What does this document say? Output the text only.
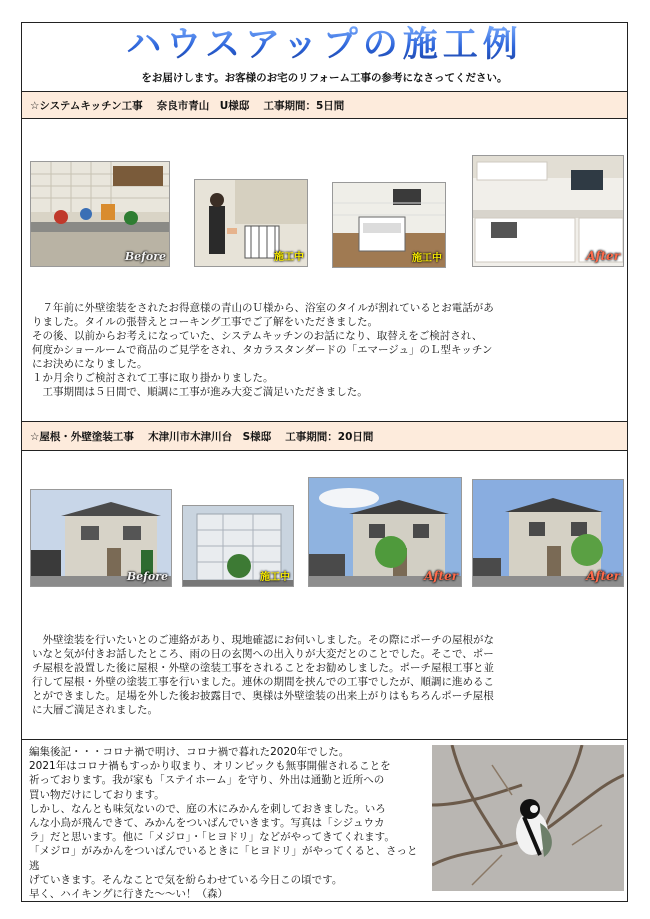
ハウスアップの施工例
をお届けします。お客様のお宅のリフォーム工事の参考になさってください。
☆システムキッチン工事　 奈良市青山　U様邸　 工事期間：5日間
Before	施工中	施工中	After

　７年前に外壁塗装をされたお得意様の青山のＵ様から、浴室のタイルが割れているとお電話があ

りました。タイルの張替えとコーキング工事でご了解をいただきました。

その後、以前からお考えになっていた、システムキッチンのお話になり、取替えをご検討され、

何度かショールームで商品のご見学をされ、タカラスタンダードの「エマージュ」のＬ型キッチン

にお決めになりました。

１か月余りご検討されて工事に取り掛かりました。

　工事期間は５日間で、順調に工事が進み大変ご満足いただきました。

☆屋根・外壁塗装工事　 木津川市木津川台　S様邸　 工事期間：20日間
Before	施工中	After	After

　外壁塗装を行いたいとのご連絡があり、現地確認にお伺いしました。その際にポーチの屋根がな

いなと気が付きお話したところ、雨の日の玄関への出入りが大変だとのことでした。そこで、ポー

チ屋根を設置した後に屋根・外壁の塗装工事をされることをお勧めしました。ポーチ屋根工事と並

行して屋根・外壁の塗装工事を行いました。連休の期間を挟んでの工事でしたが、順調に進めるこ

とができました。足場を外した後お披露目で、奥様は外壁塗装の出来上がりはもちろんポーチ屋根

に大層ご満足されました。

編集後記・・・コロナ禍で明け、コロナ禍で暮れた2020年でした。

2021年はコロナ禍もすっかり収まり、オリンピックも無事開催されることを

祈っております。我が家も「ステイホーム」を守り、外出は通勤と近所への

買い物だけにしております。

しかし、なんとも味気ないので、庭の木にみかんを刺しておきました。いろ

んな小鳥が飛んできて、みかんをついばんでいきます。写真は「シジュウカ

ラ」だと思います。他に「メジロ」・「ヒヨドリ」などがやってきてくれます。

「メジロ」がみかんをついばんでいるときに「ヒヨドリ」がやってくると、さっと逃

げていきます。そんなことで気を紛らわせている今日この頃です。

早く、ハイキングに行きた～～い！（森）
